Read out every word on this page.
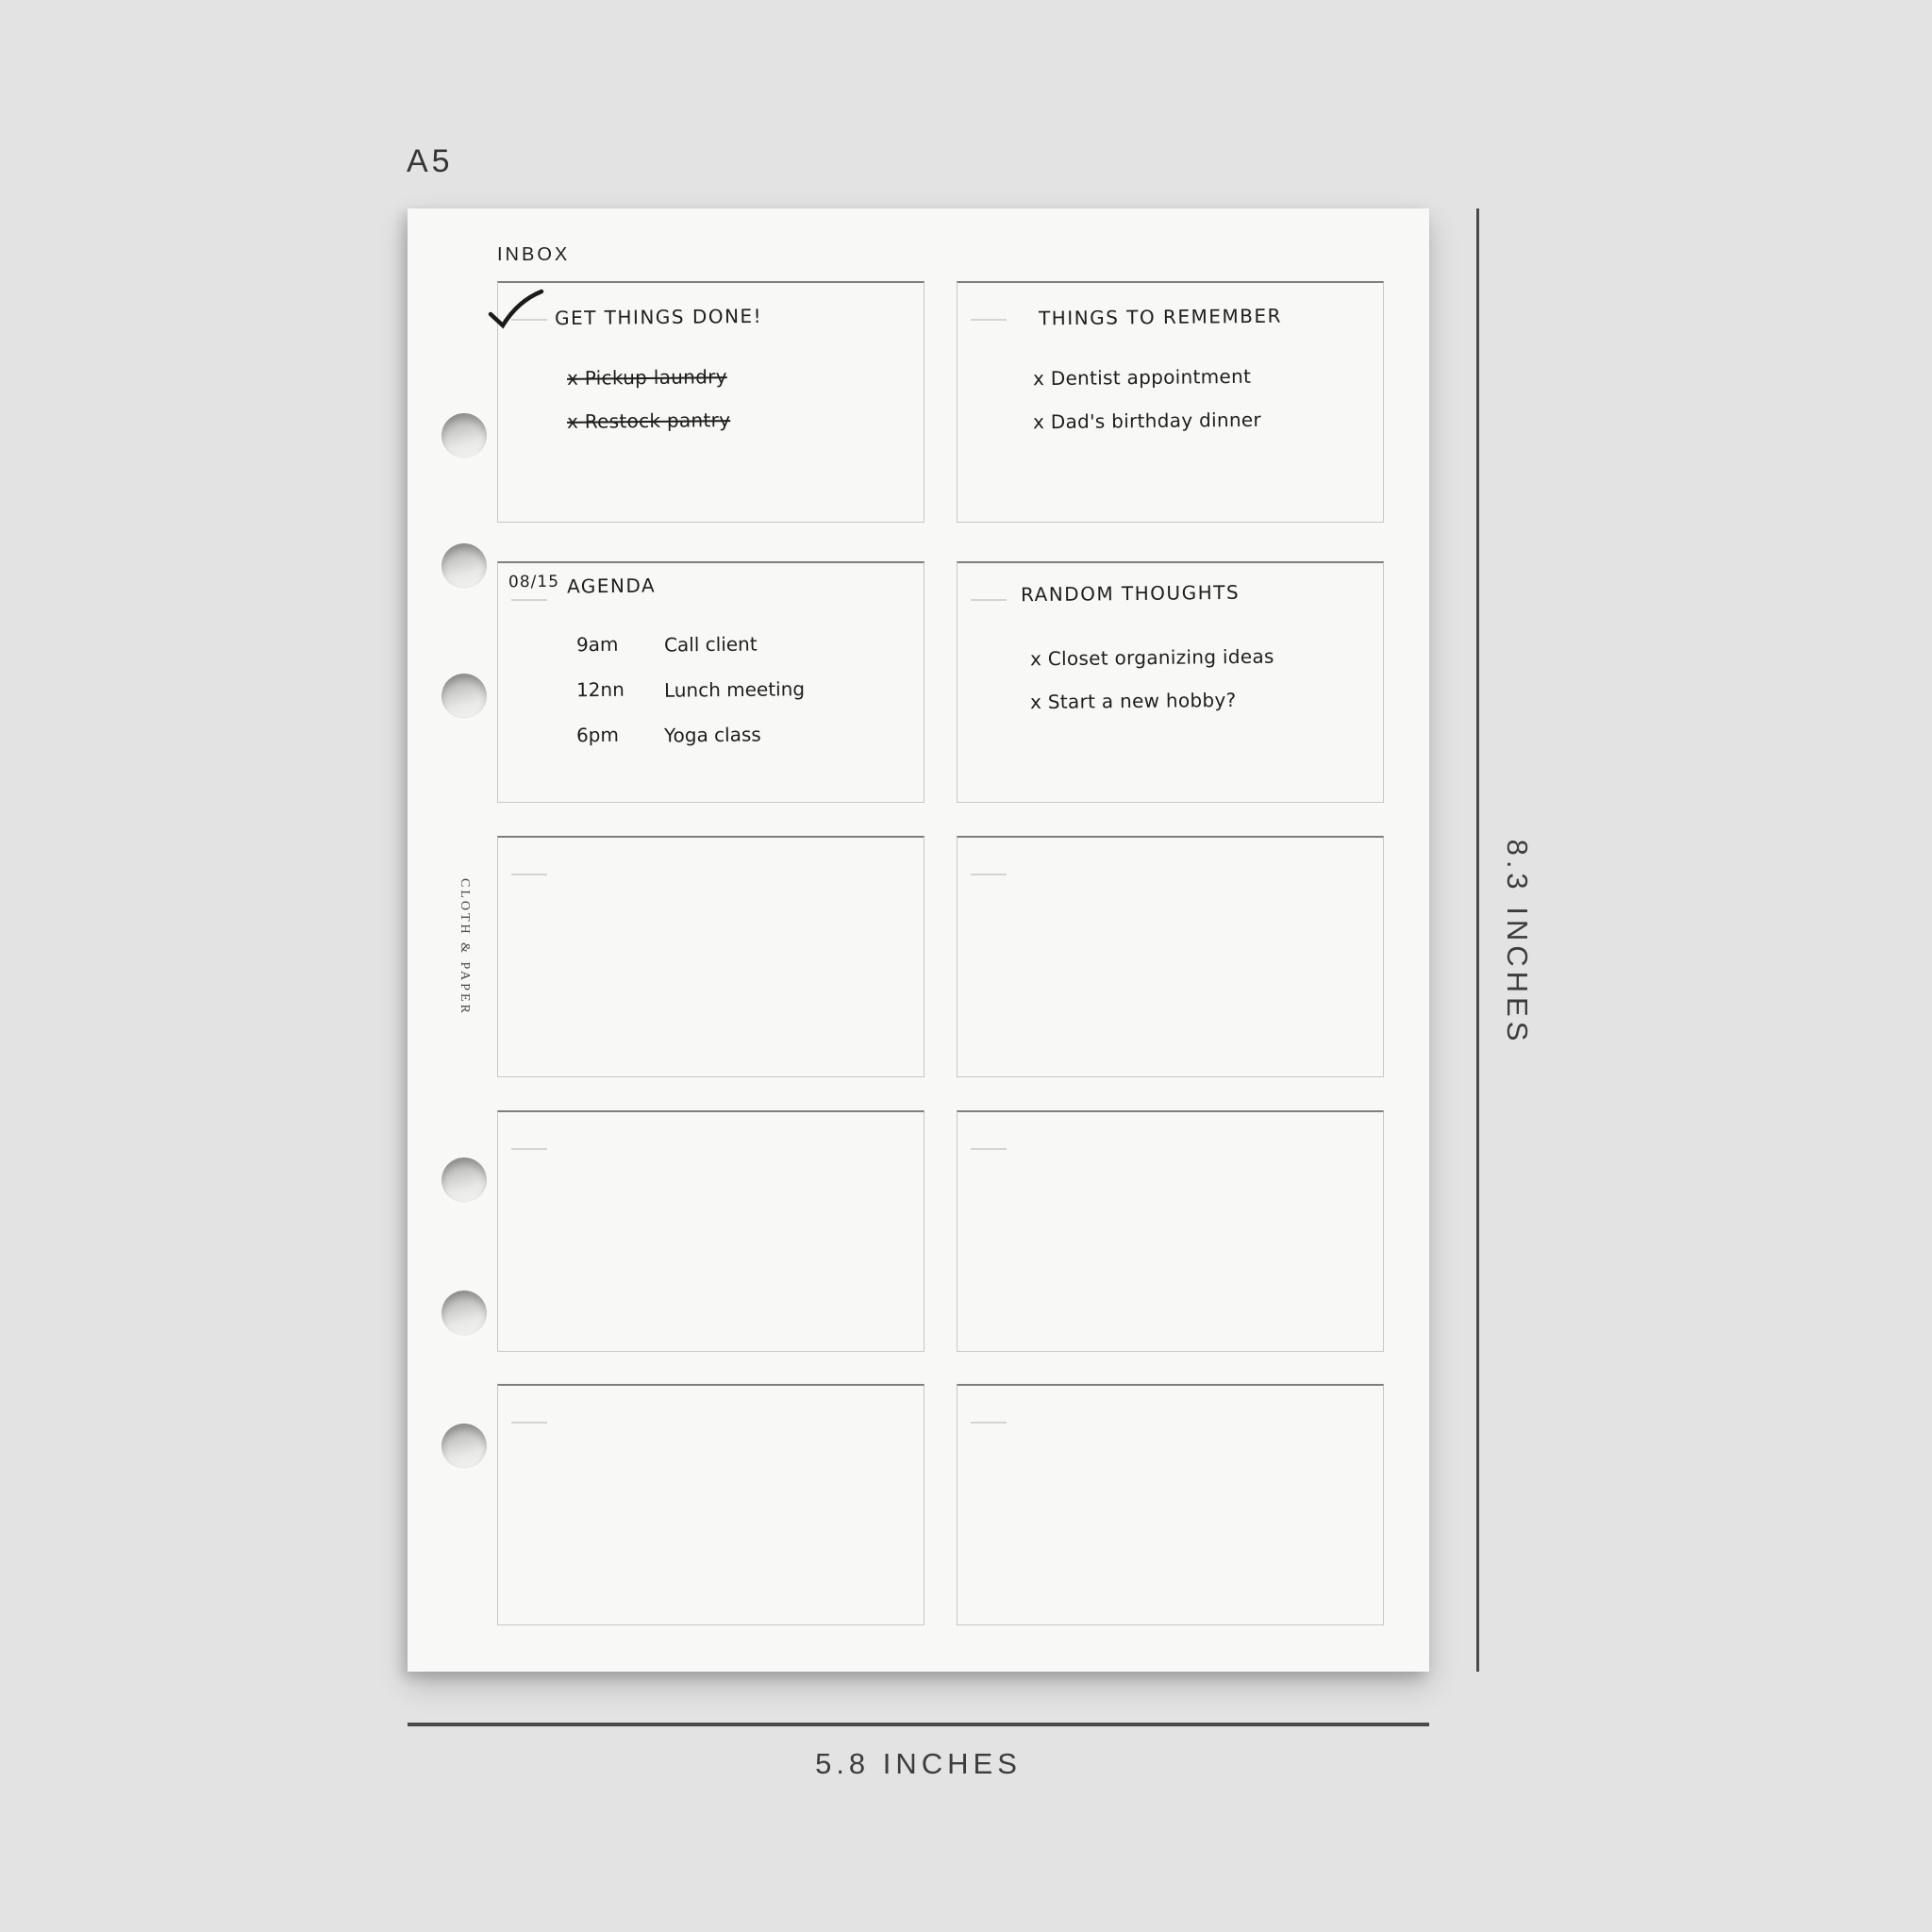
A5
INBOX
CLOTH & PAPER
GET THINGS DONE!
x Pickup laundry
x Restock pantry
THINGS TO REMEMBER
x Dentist appointment
x Dad's birthday dinner
08/15 AGENDA
9am Call client
12nn Lunch meeting
6pm Yoga class
RANDOM THOUGHTS
x Closet organizing ideas
x Start a new hobby?
8.3 INCHES
5.8 INCHES
